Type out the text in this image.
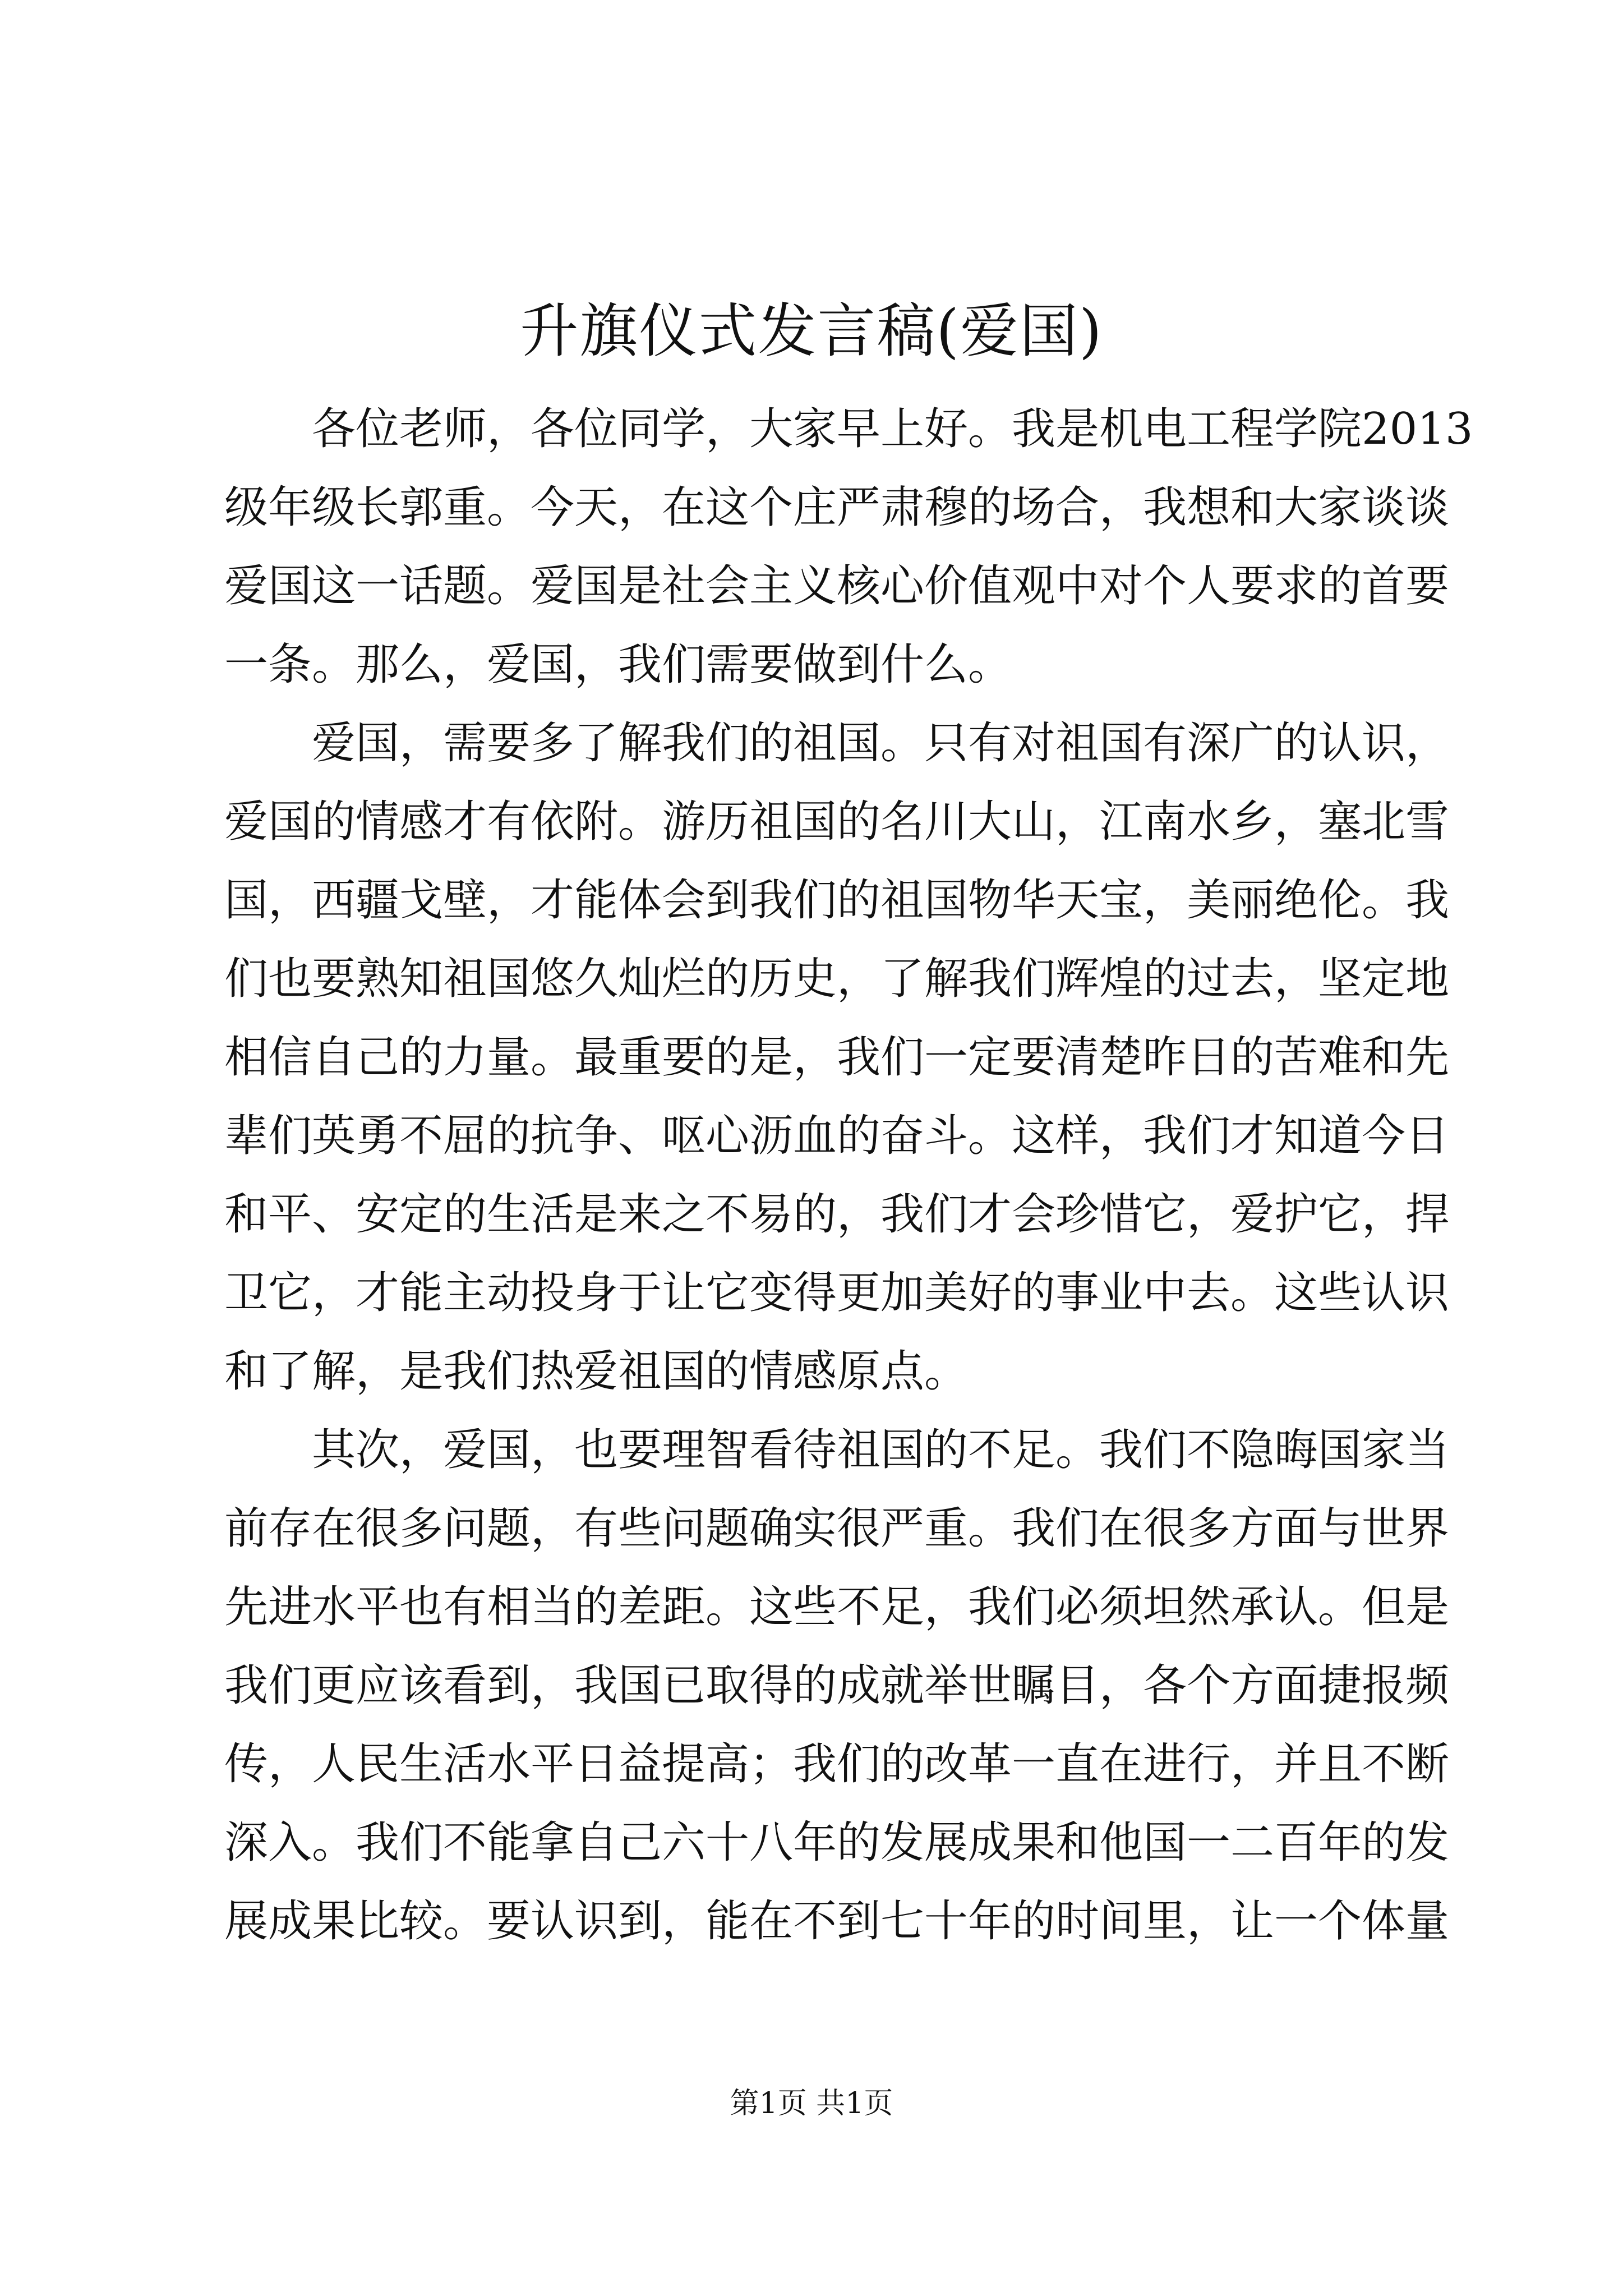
升旗仪式发言稿(爱国)
　　各位老师，各位同学，大家早上好。我是机电工程学院2013
级年级长郭重。今天，在这个庄严肃穆的场合，我想和大家谈谈
爱国这一话题。爱国是社会主义核心价值观中对个人要求的首要
一条。那么，爱国，我们需要做到什么。
　　爱国，需要多了解我们的祖国。只有对祖国有深广的认识，
爱国的情感才有依附。游历祖国的名川大山，江南水乡，塞北雪
国，西疆戈壁，才能体会到我们的祖国物华天宝，美丽绝伦。我
们也要熟知祖国悠久灿烂的历史，了解我们辉煌的过去，坚定地
相信自己的力量。最重要的是，我们一定要清楚昨日的苦难和先
辈们英勇不屈的抗争、呕心沥血的奋斗。这样，我们才知道今日
和平、安定的生活是来之不易的，我们才会珍惜它，爱护它，捍
卫它，才能主动投身于让它变得更加美好的事业中去。这些认识
和了解，是我们热爱祖国的情感原点。
　　其次，爱国，也要理智看待祖国的不足。我们不隐晦国家当
前存在很多问题，有些问题确实很严重。我们在很多方面与世界
先进水平也有相当的差距。这些不足，我们必须坦然承认。但是
我们更应该看到，我国已取得的成就举世瞩目，各个方面捷报频
传，人民生活水平日益提高；我们的改革一直在进行，并且不断
深入。我们不能拿自己六十八年的发展成果和他国一二百年的发
展成果比较。要认识到，能在不到七十年的时间里，让一个体量
第1页 共1页
